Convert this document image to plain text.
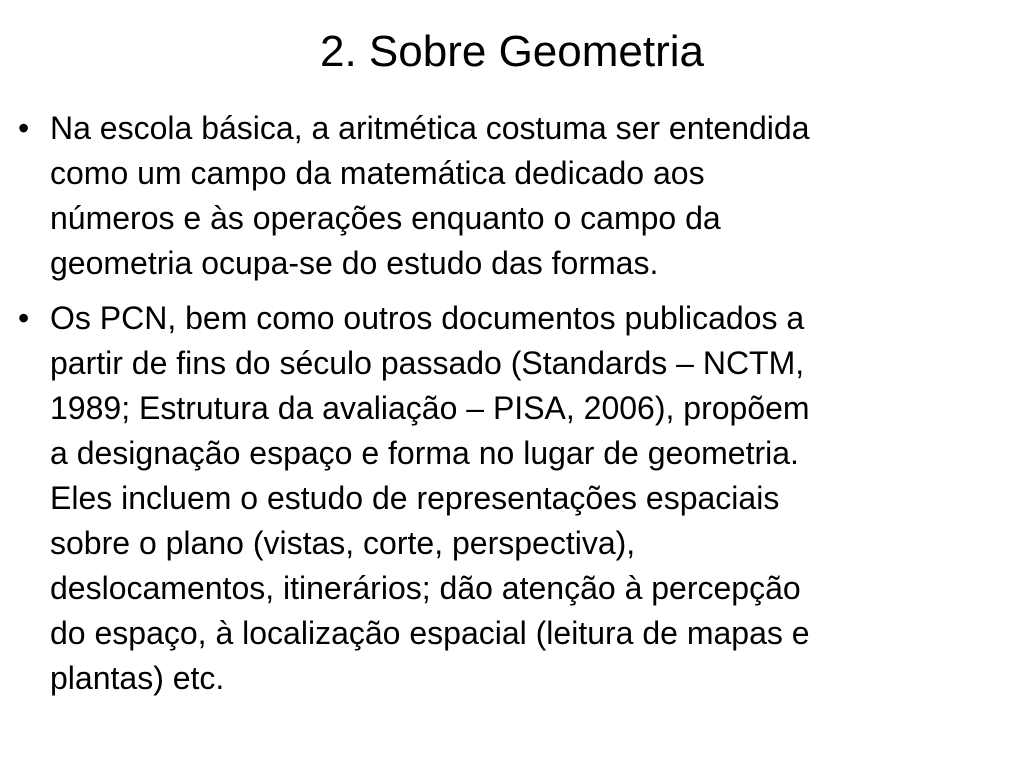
2. Sobre Geometria
• Na escola básica, a aritmética costuma ser entendida
como um campo da matemática dedicado aos
números e às operações enquanto o campo da
geometria ocupa-se do estudo das formas.
• Os PCN, bem como outros documentos publicados a
partir de fins do século passado (Standards – NCTM,
1989; Estrutura da avaliação – PISA, 2006), propõem
a designação espaço e forma no lugar de geometria.
Eles incluem o estudo de representações espaciais
sobre o plano (vistas, corte, perspectiva),
deslocamentos, itinerários; dão atenção à percepção
do espaço, à localização espacial (leitura de mapas e
plantas) etc.
